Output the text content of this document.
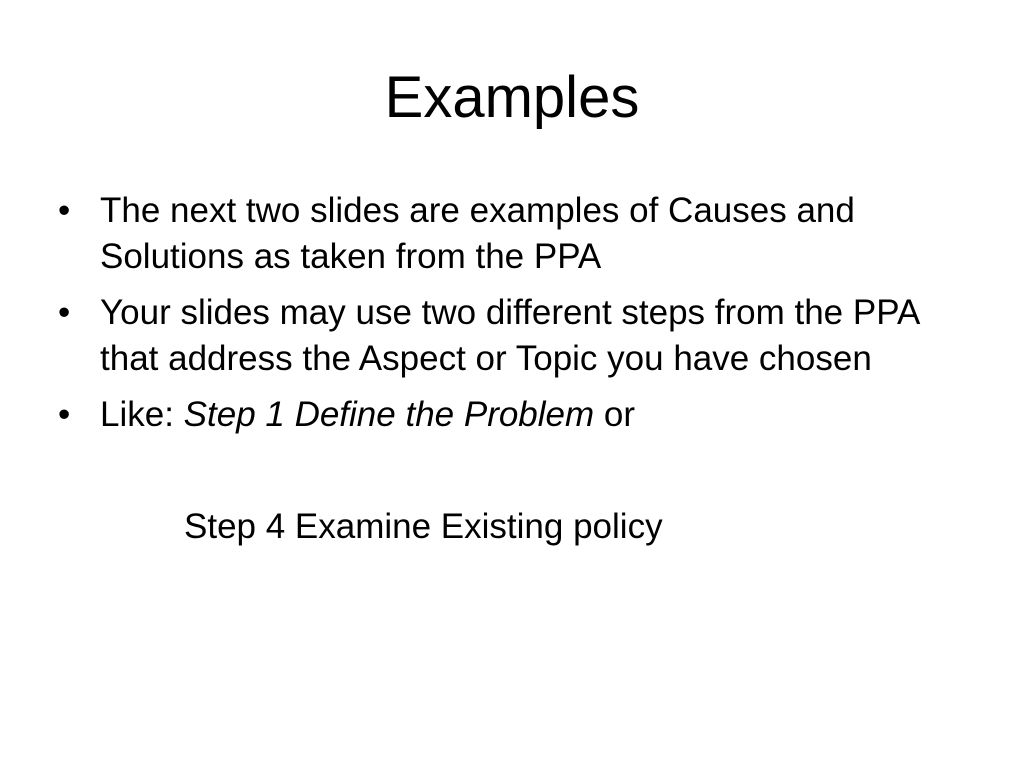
Examples
• The next two slides are examples of Causes and Solutions as taken from the PPA
• Your slides may use two different steps from the PPA that address the Aspect or Topic you have chosen
• Like: Step 1 Define the Problem or

Step 4 Examine Existing policy
